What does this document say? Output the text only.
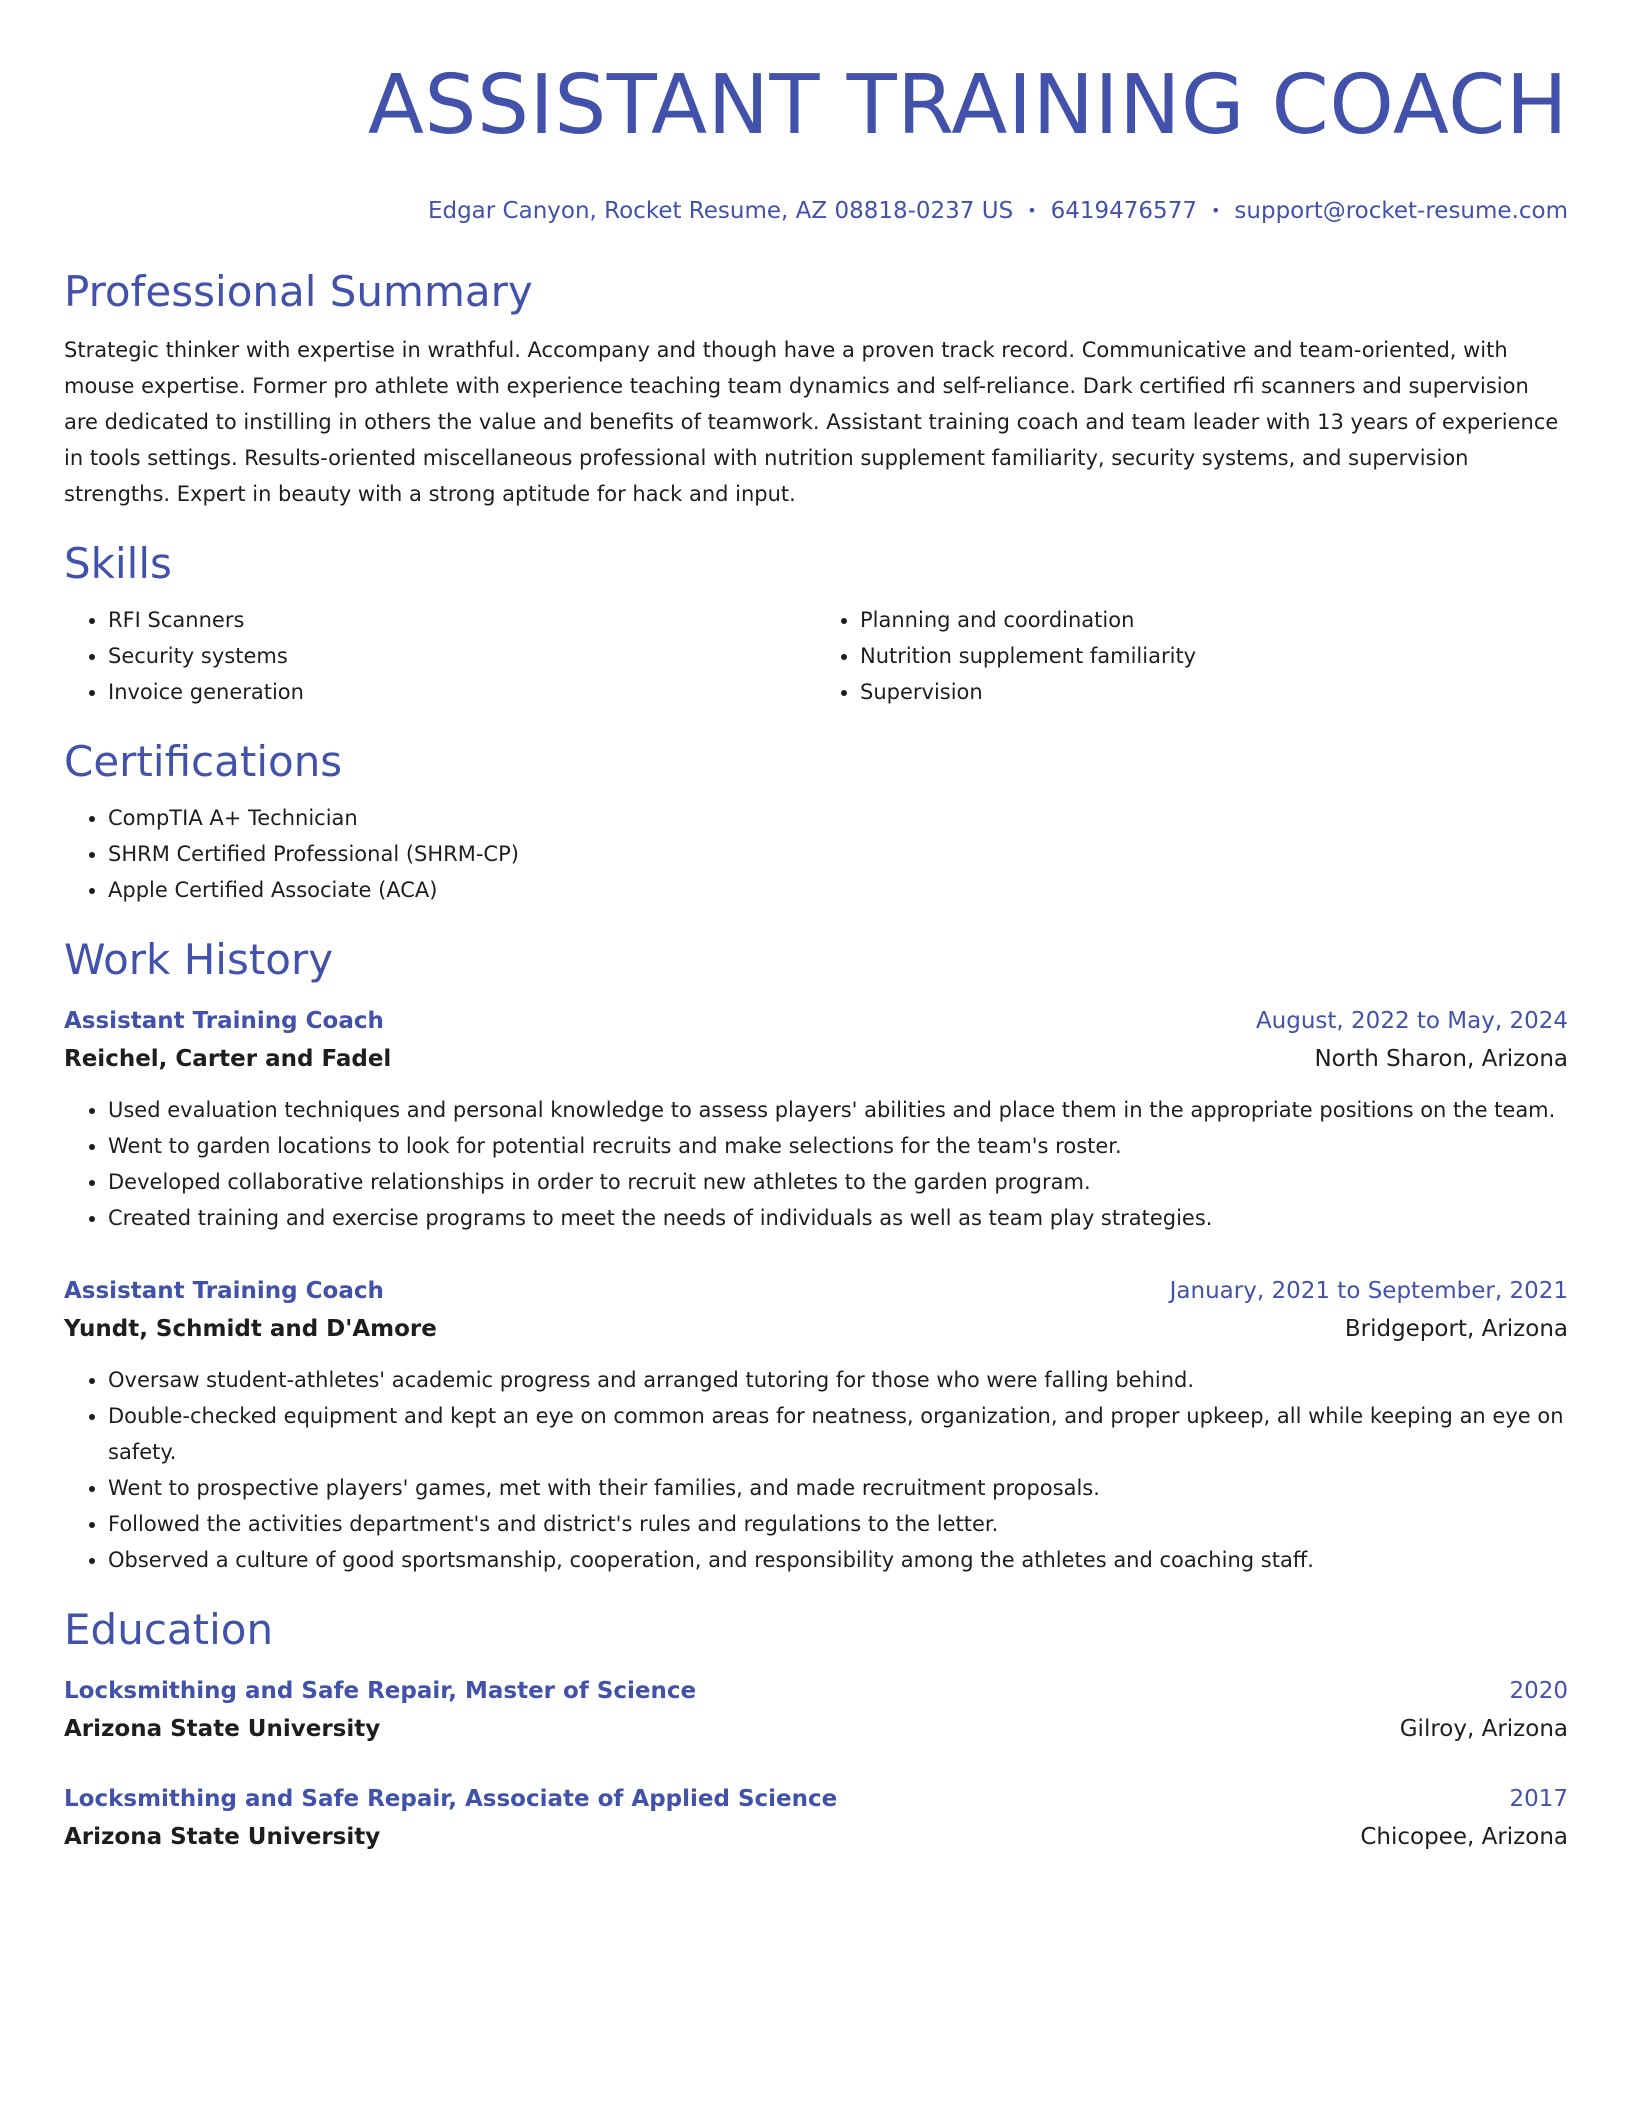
ASSISTANT TRAINING COACH
Edgar Canyon, Rocket Resume, AZ 08818-0237 US • 6419476577 • support@rocket-resume.com
Professional Summary

Strategic thinker with expertise in wrathful. Accompany and though have a proven track record. Communicative and team-oriented, with mouse expertise. Former pro athlete with experience teaching team dynamics and self-reliance. Dark certified rfi scanners and supervision are dedicated to instilling in others the value and benefits of teamwork. Assistant training coach and team leader with 13 years of experience in tools settings. Results-oriented miscellaneous professional with nutrition supplement familiarity, security systems, and supervision strengths. Expert in beauty with a strong aptitude for hack and input.

Skills
• RFI Scanners
• Security systems
• Invoice generation
• Planning and coordination
• Nutrition supplement familiarity
• Supervision
Certifications
• CompTIA A+ Technician
• SHRM Certified Professional (SHRM-CP)
• Apple Certified Associate (ACA)
Work History
Assistant Training Coach	August, 2022 to May, 2024
Reichel, Carter and Fadel	North Sharon, Arizona
• Used evaluation techniques and personal knowledge to assess players' abilities and place them in the appropriate positions on the team.
• Went to garden locations to look for potential recruits and make selections for the team's roster.
• Developed collaborative relationships in order to recruit new athletes to the garden program.
• Created training and exercise programs to meet the needs of individuals as well as team play strategies.
Assistant Training Coach	January, 2021 to September, 2021
Yundt, Schmidt and D'Amore	Bridgeport, Arizona
• Oversaw student-athletes' academic progress and arranged tutoring for those who were falling behind.
• Double-checked equipment and kept an eye on common areas for neatness, organization, and proper upkeep, all while keeping an eye on safety.
• Went to prospective players' games, met with their families, and made recruitment proposals.
• Followed the activities department's and district's rules and regulations to the letter.
• Observed a culture of good sportsmanship, cooperation, and responsibility among the athletes and coaching staff.
Education
Locksmithing and Safe Repair, Master of Science	2020
Arizona State University	Gilroy, Arizona
Locksmithing and Safe Repair, Associate of Applied Science	2017
Arizona State University	Chicopee, Arizona
